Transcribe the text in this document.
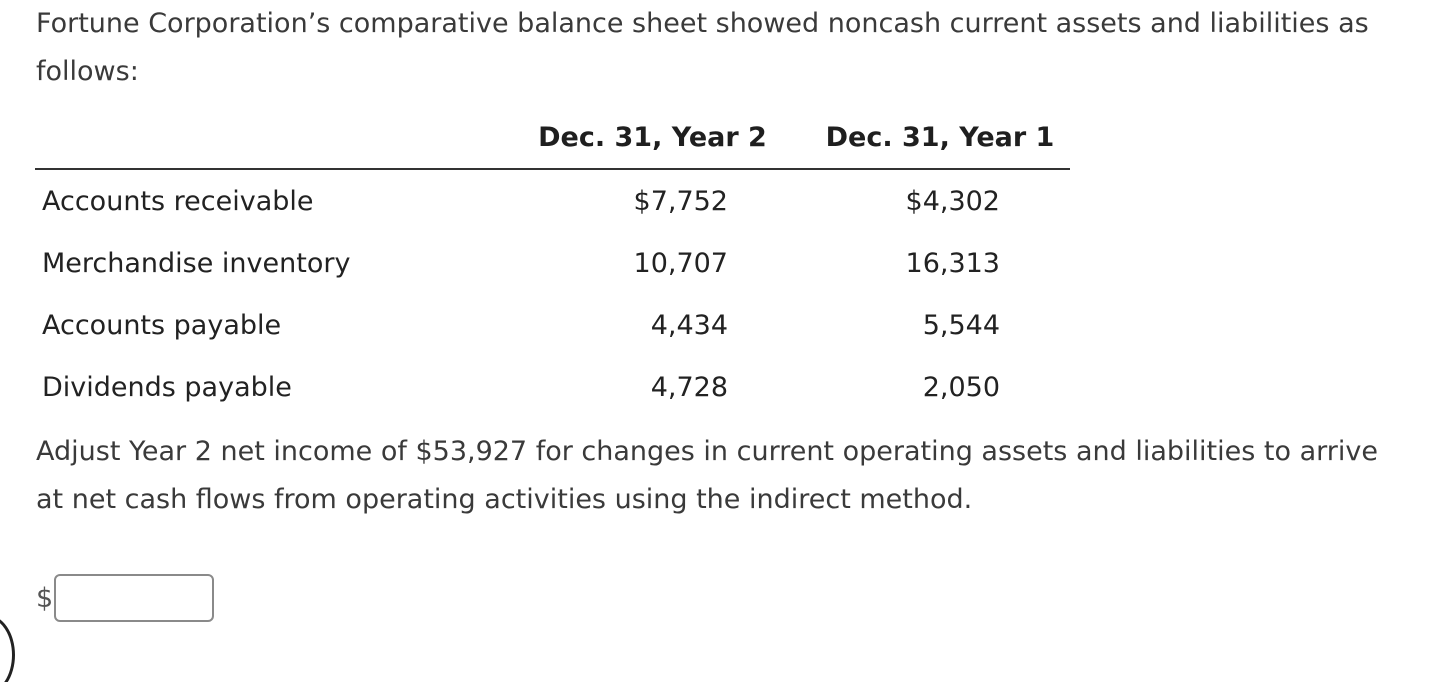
Fortune Corporation’s comparative balance sheet showed noncash current assets and liabilities as
follows:
	Dec. 31, Year 2	Dec. 31, Year 1
Accounts receivable	$7,752	$4,302
Merchandise inventory	10,707	16,313
Accounts payable	4,434	5,544
Dividends payable	4,728	2,050
Adjust Year 2 net income of $53,927 for changes in current operating assets and liabilities to arrive
at net cash flows from operating activities using the indirect method.
$
